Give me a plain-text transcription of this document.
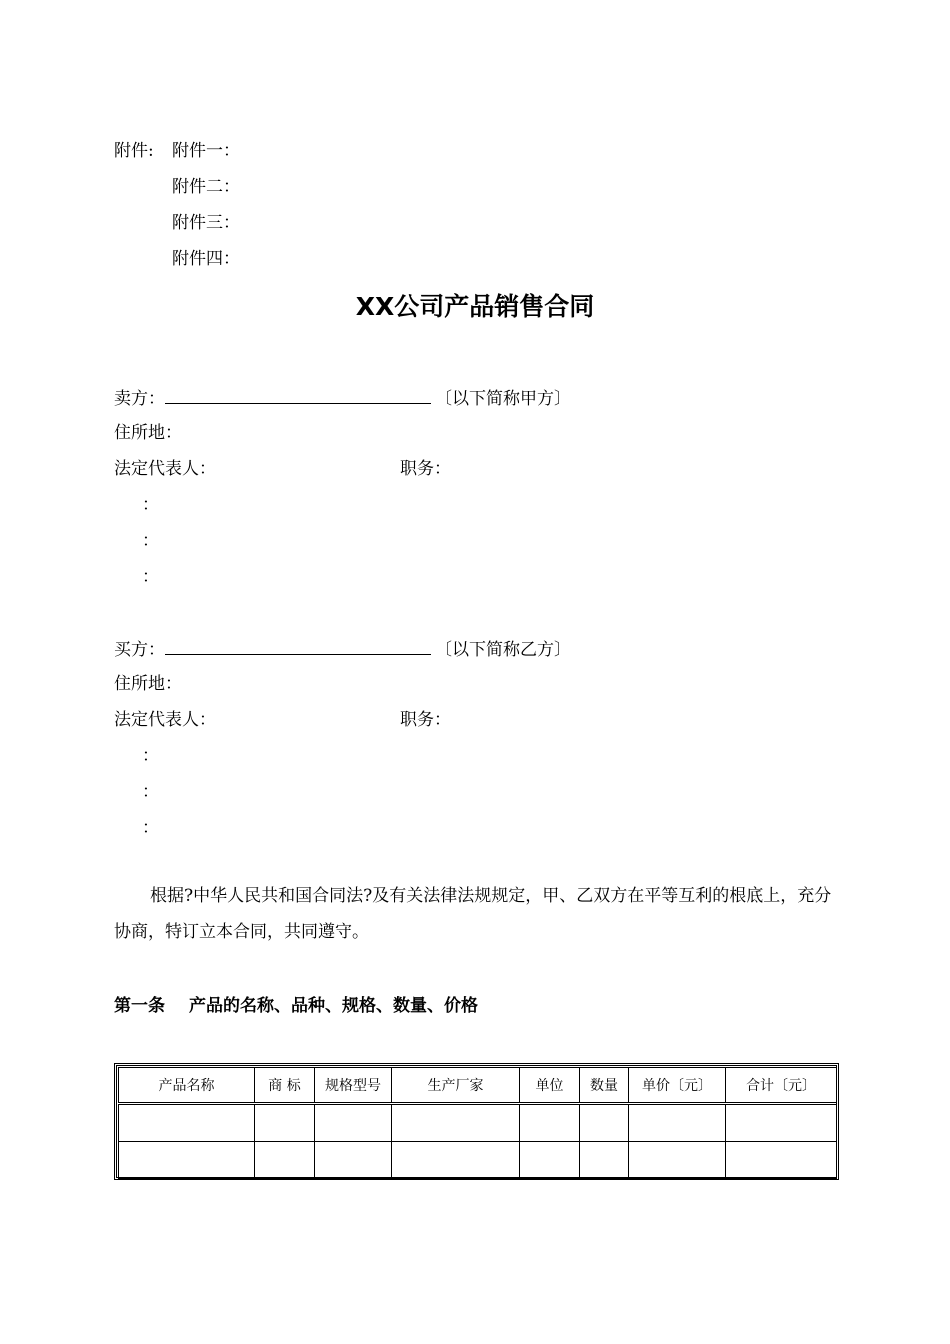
附件: 附件一：
附件二：
附件三：
附件四：
XX公司产品销售合同
卖方：	〔以下简称甲方〕
住所地：
法定代表人：	职务：
：
：
：
买方：	〔以下简称乙方〕
住所地：
法定代表人：	职务：
：
：
：
根据?中华人民共和国合同法?及有关法律法规规定，甲、乙双方在平等互利的根底上，充分协商，特订立本合同，共同遵守。
第一条 产品的名称、品种、规格、数量、价格
产品名称	商 标	规格型号	生产厂家	单位	数量	单价〔元〕	合计〔元〕
